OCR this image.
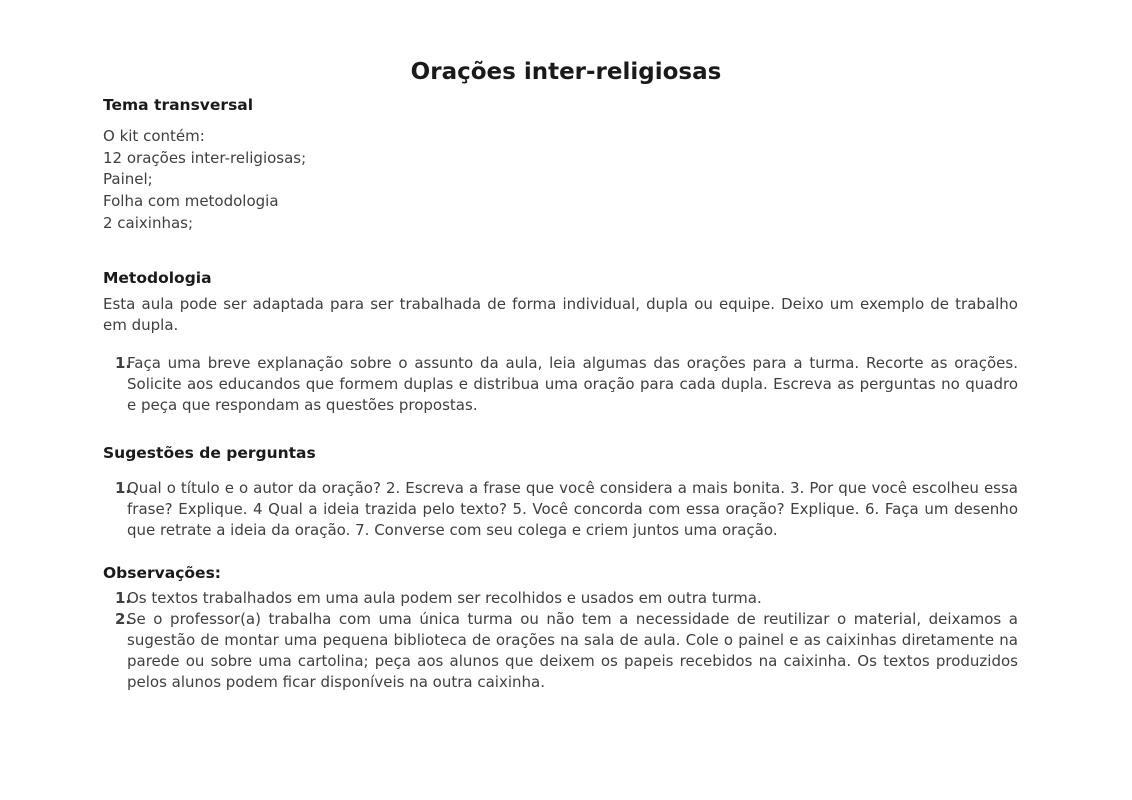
Orações inter-religiosas
Tema transversal
O kit contém:
12 orações inter-religiosas;
Painel;
Folha com metodologia
2 caixinhas;
Metodologia

Esta aula pode ser adaptada para ser trabalhada de forma individual, dupla ou equipe. Deixo um exemplo de trabalho em dupla.

1.
Faça uma breve explanação sobre o assunto da aula, leia algumas das orações para a turma. Recorte as orações. Solicite aos educandos que formem duplas e distribua uma oração para cada dupla. Escreva as perguntas no quadro e peça que respondam as questões propostas.
Sugestões de perguntas
1.
Qual o título e o autor da oração? 2. Escreva a frase que você considera a mais bonita. 3. Por que você escolheu essa frase? Explique. 4 Qual a ideia trazida pelo texto? 5. Você concorda com essa oração? Explique. 6. Faça um desenho que retrate a ideia da oração. 7. Converse com seu colega e criem juntos uma oração.
Observações:
1.
Os textos trabalhados em uma aula podem ser recolhidos e usados em outra turma.
2.
Se o professor(a) trabalha com uma única turma ou não tem a necessidade de reutilizar o material, deixamos a sugestão de montar uma pequena biblioteca de orações na sala de aula. Cole o painel e as caixinhas diretamente na parede ou sobre uma cartolina; peça aos alunos que deixem os papeis recebidos na caixinha. Os textos produzidos pelos alunos podem ficar disponíveis na outra caixinha.
